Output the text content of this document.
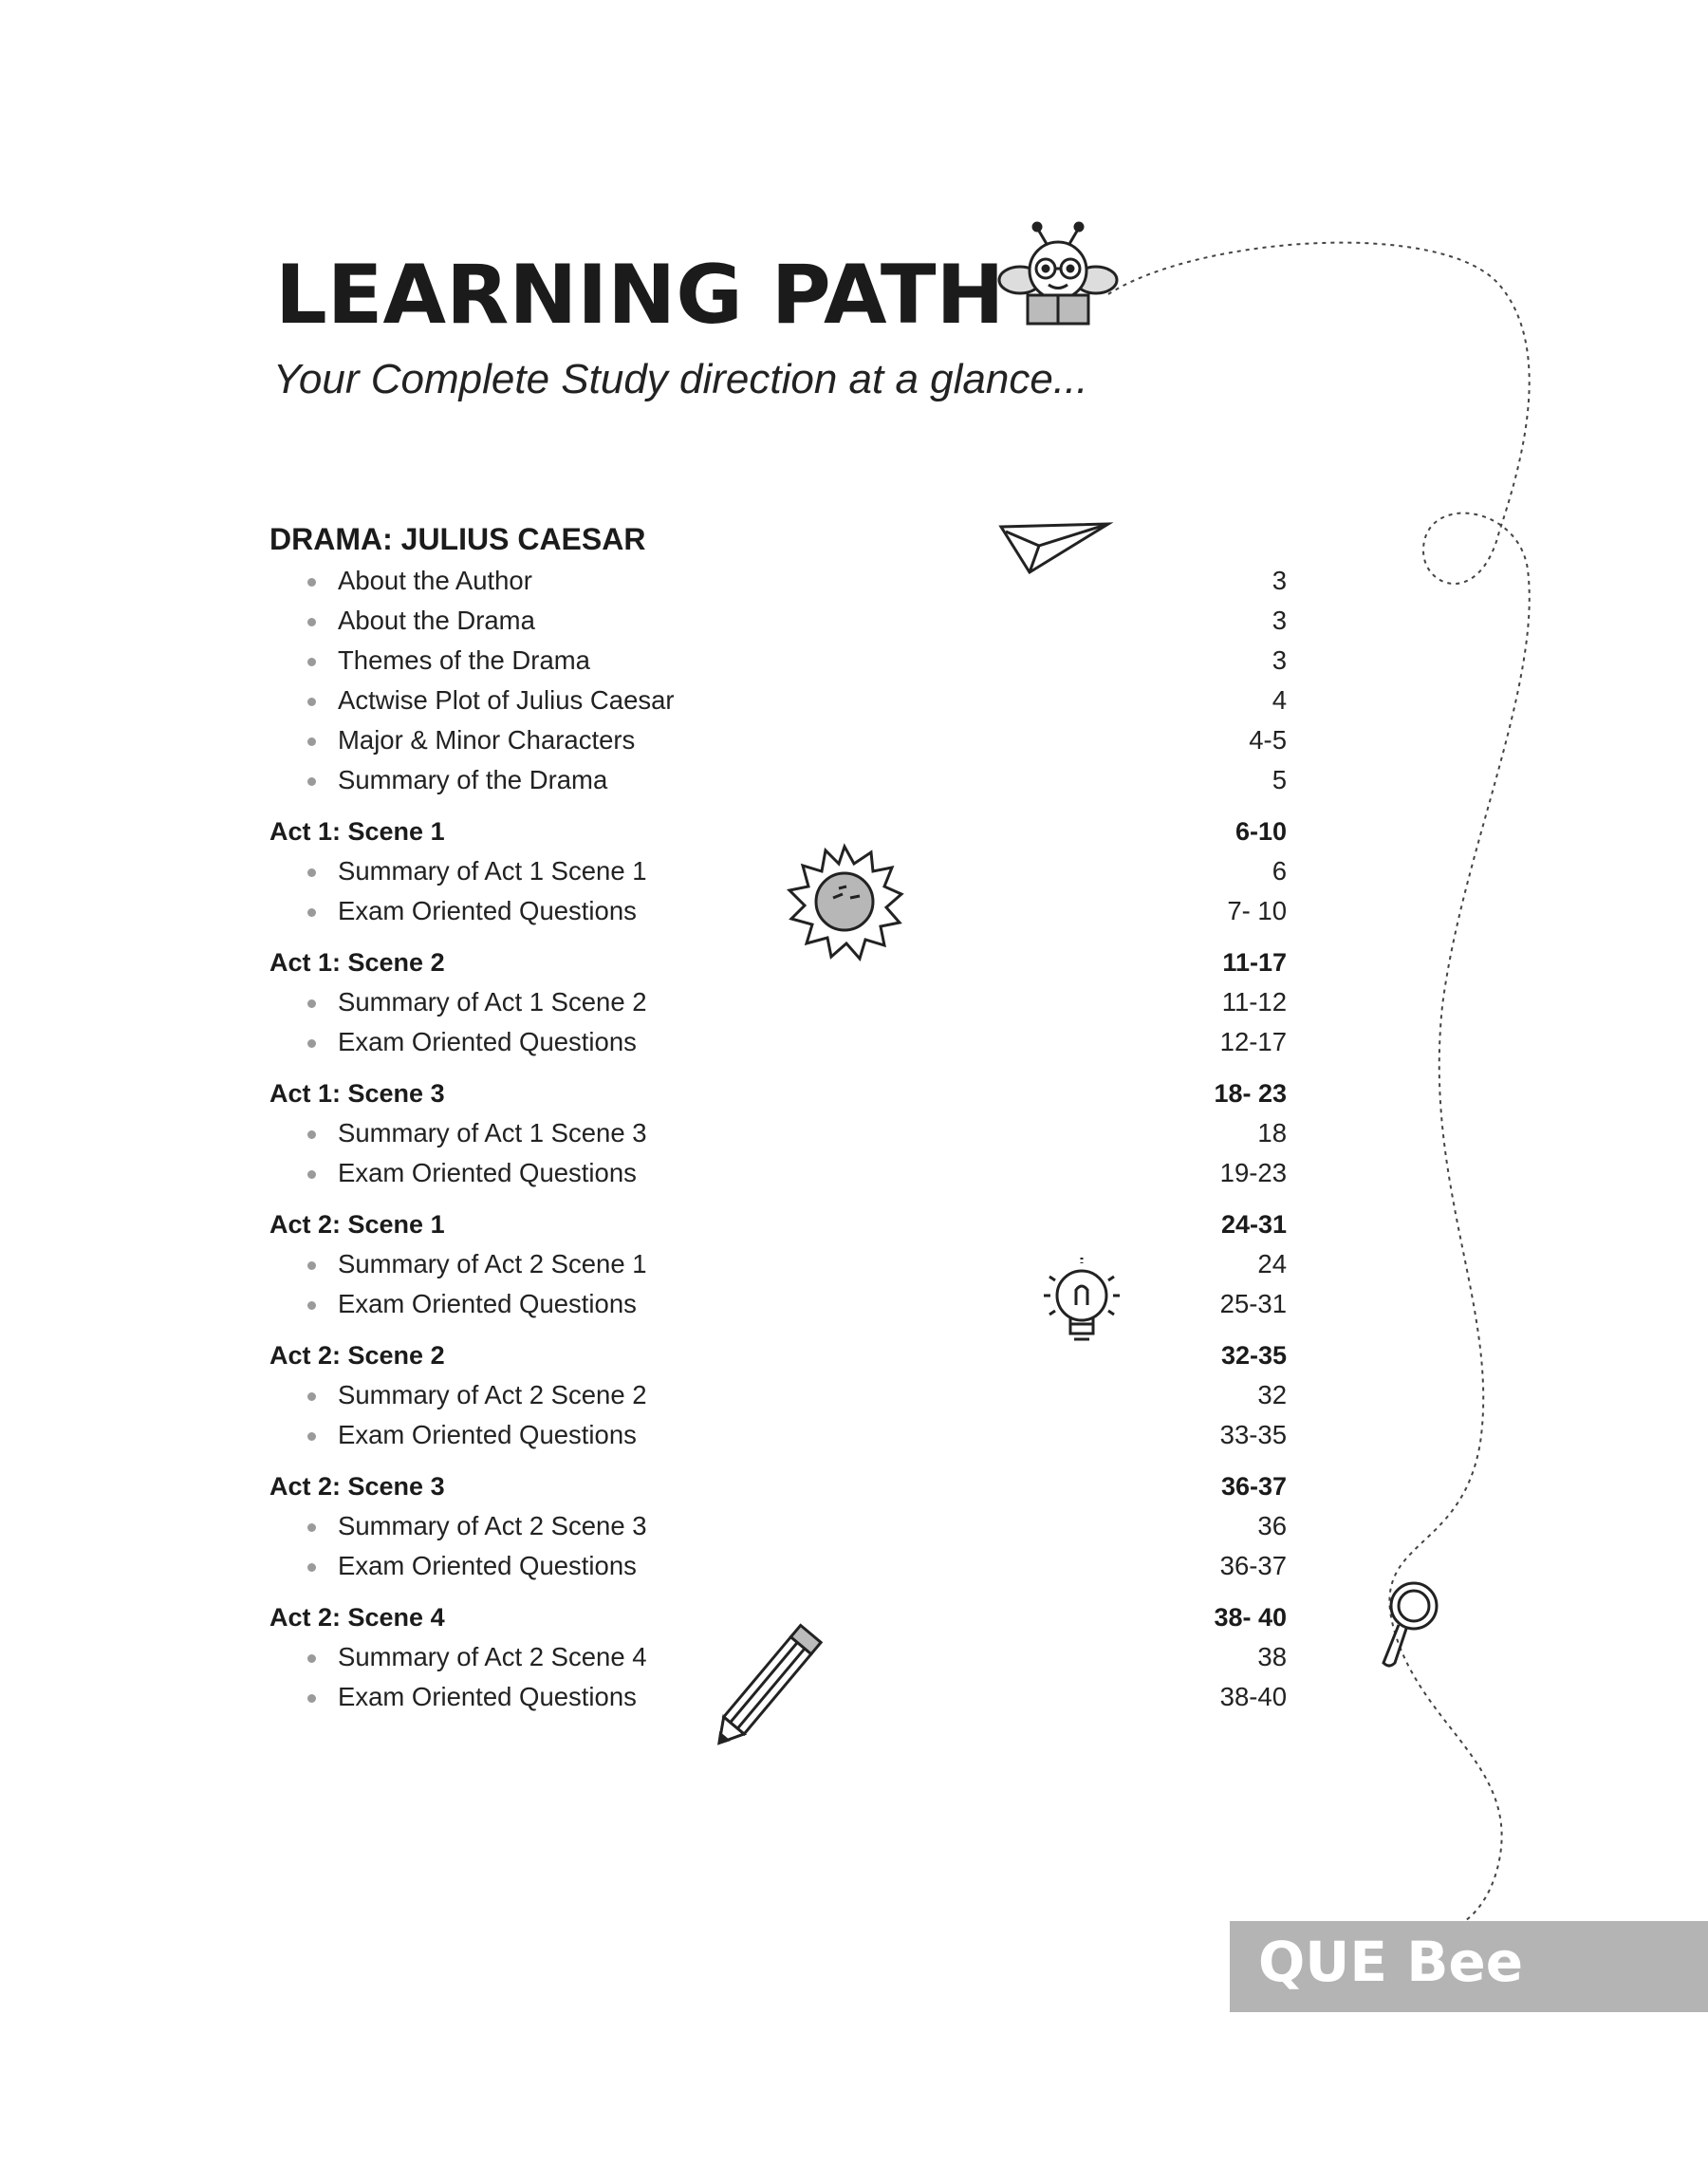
LEARNING PATH
Your Complete Study direction at a glance...
DRAMA: JULIUS CAESAR
About the Author	3
About the Drama	3
Themes of the Drama	3
Actwise Plot of Julius Caesar	4
Major & Minor Characters	4-5
Summary of the Drama	5
Act 1: Scene 1	6-10
Summary of Act 1 Scene 1	6
Exam Oriented Questions	7- 10
Act 1: Scene 2	11-17
Summary of Act 1 Scene 2	11-12
Exam Oriented Questions	12-17
Act 1: Scene 3	18- 23
Summary of Act 1 Scene 3	18
Exam Oriented Questions	19-23
Act 2: Scene 1	24-31
Summary of Act 2 Scene 1	24
Exam Oriented Questions	25-31
Act 2: Scene 2	32-35
Summary of Act 2 Scene 2	32
Exam Oriented Questions	33-35
Act 2: Scene 3	36-37
Summary of Act 2 Scene 3	36
Exam Oriented Questions	36-37
Act 2: Scene 4	38- 40
Summary of Act 2 Scene 4	38
Exam Oriented Questions	38-40
QUE Bee
